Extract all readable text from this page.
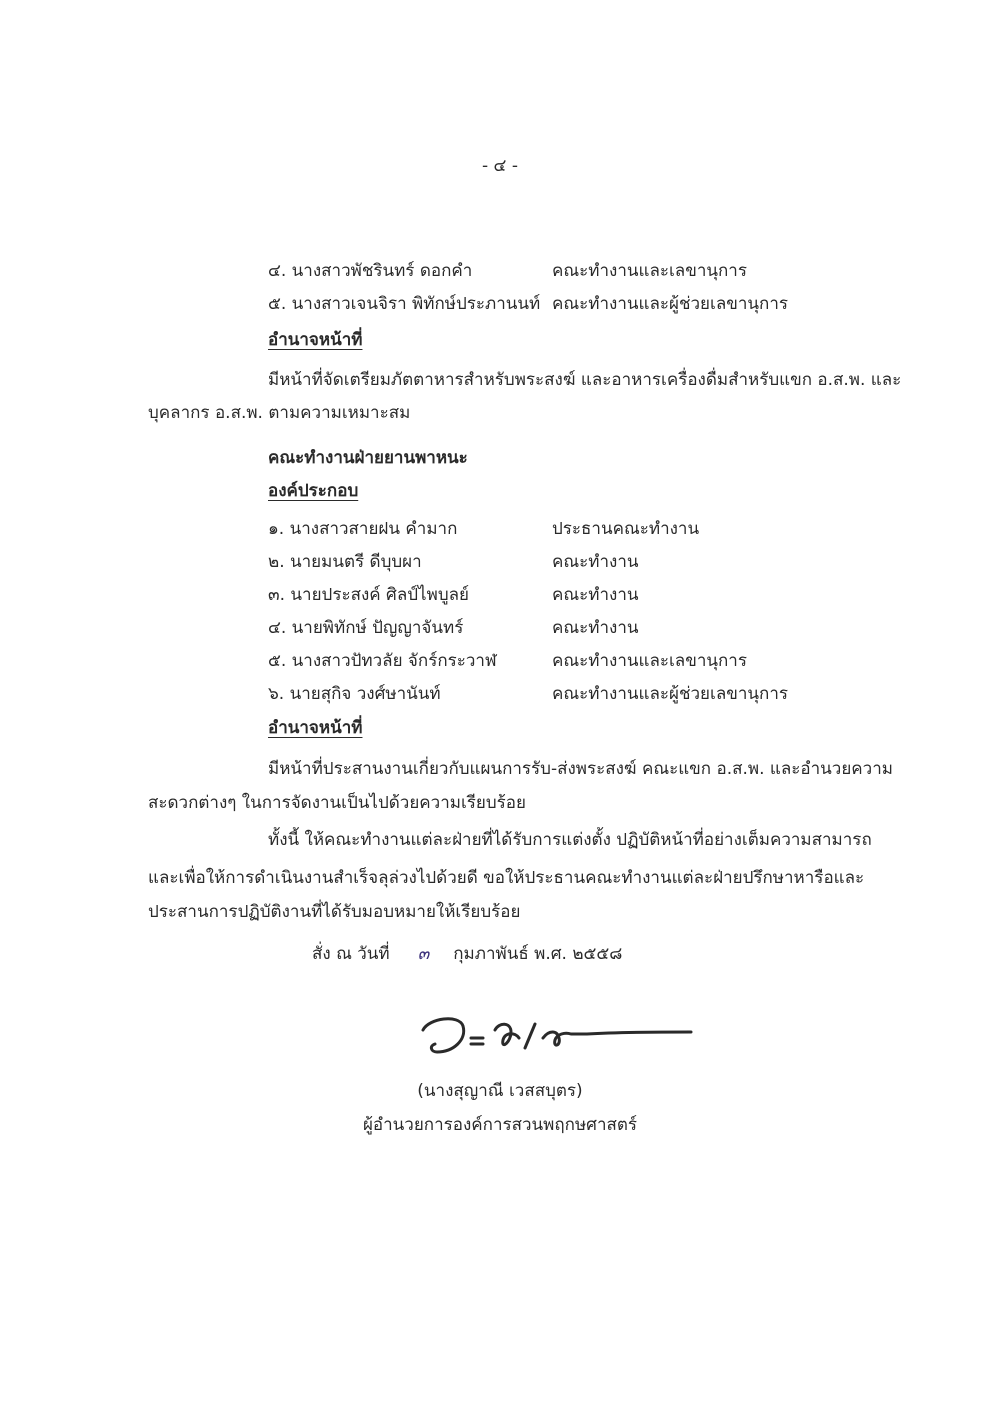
- ๔ -
๔. นางสาวพัชรินทร์ ดอกคำ	คณะทำงานและเลขานุการ
๕. นางสาวเจนจิรา พิทักษ์ประภานนท์ คณะทำงานและผู้ช่วยเลขานุการ
อำนาจหน้าที่
มีหน้าที่จัดเตรียมภัตตาหารสำหรับพระสงฆ์ และอาหารเครื่องดื่มสำหรับแขก อ.ส.พ. และ
บุคลากร อ.ส.พ. ตามความเหมาะสม
คณะทำงานฝ่ายยานพาหนะ
องค์ประกอบ
๑. นางสาวสายฝน คำมาก	ประธานคณะทำงาน
๒. นายมนตรี ดีบุบผา	คณะทำงาน
๓. นายประสงค์ ศิลป์ไพบูลย์	คณะทำงาน
๔. นายพิทักษ์ ปัญญาจันทร์	คณะทำงาน
๕. นางสาวปัทวลัย จักร์กระวาฬ	คณะทำงานและเลขานุการ
๖. นายสุกิจ วงศ์ษานันท์	คณะทำงานและผู้ช่วยเลขานุการ
อำนาจหน้าที่
มีหน้าที่ประสานงานเกี่ยวกับแผนการรับ-ส่งพระสงฆ์ คณะแขก อ.ส.พ. และอำนวยความ
สะดวกต่างๆ ในการจัดงานเป็นไปด้วยความเรียบร้อย
ทั้งนี้ ให้คณะทำงานแต่ละฝ่ายที่ได้รับการแต่งตั้ง ปฏิบัติหน้าที่อย่างเต็มความสามารถ
และเพื่อให้การดำเนินงานสำเร็จลุล่วงไปด้วยดี ขอให้ประธานคณะทำงานแต่ละฝ่ายปรึกษาหารือและ
ประสานการปฏิบัติงานที่ได้รับมอบหมายให้เรียบร้อย
สั่ง ณ วันที่ ๓ กุมภาพันธ์ พ.ศ. ๒๕๕๘
(นางสุญาณี เวสสบุตร)
ผู้อำนวยการองค์การสวนพฤกษศาสตร์
